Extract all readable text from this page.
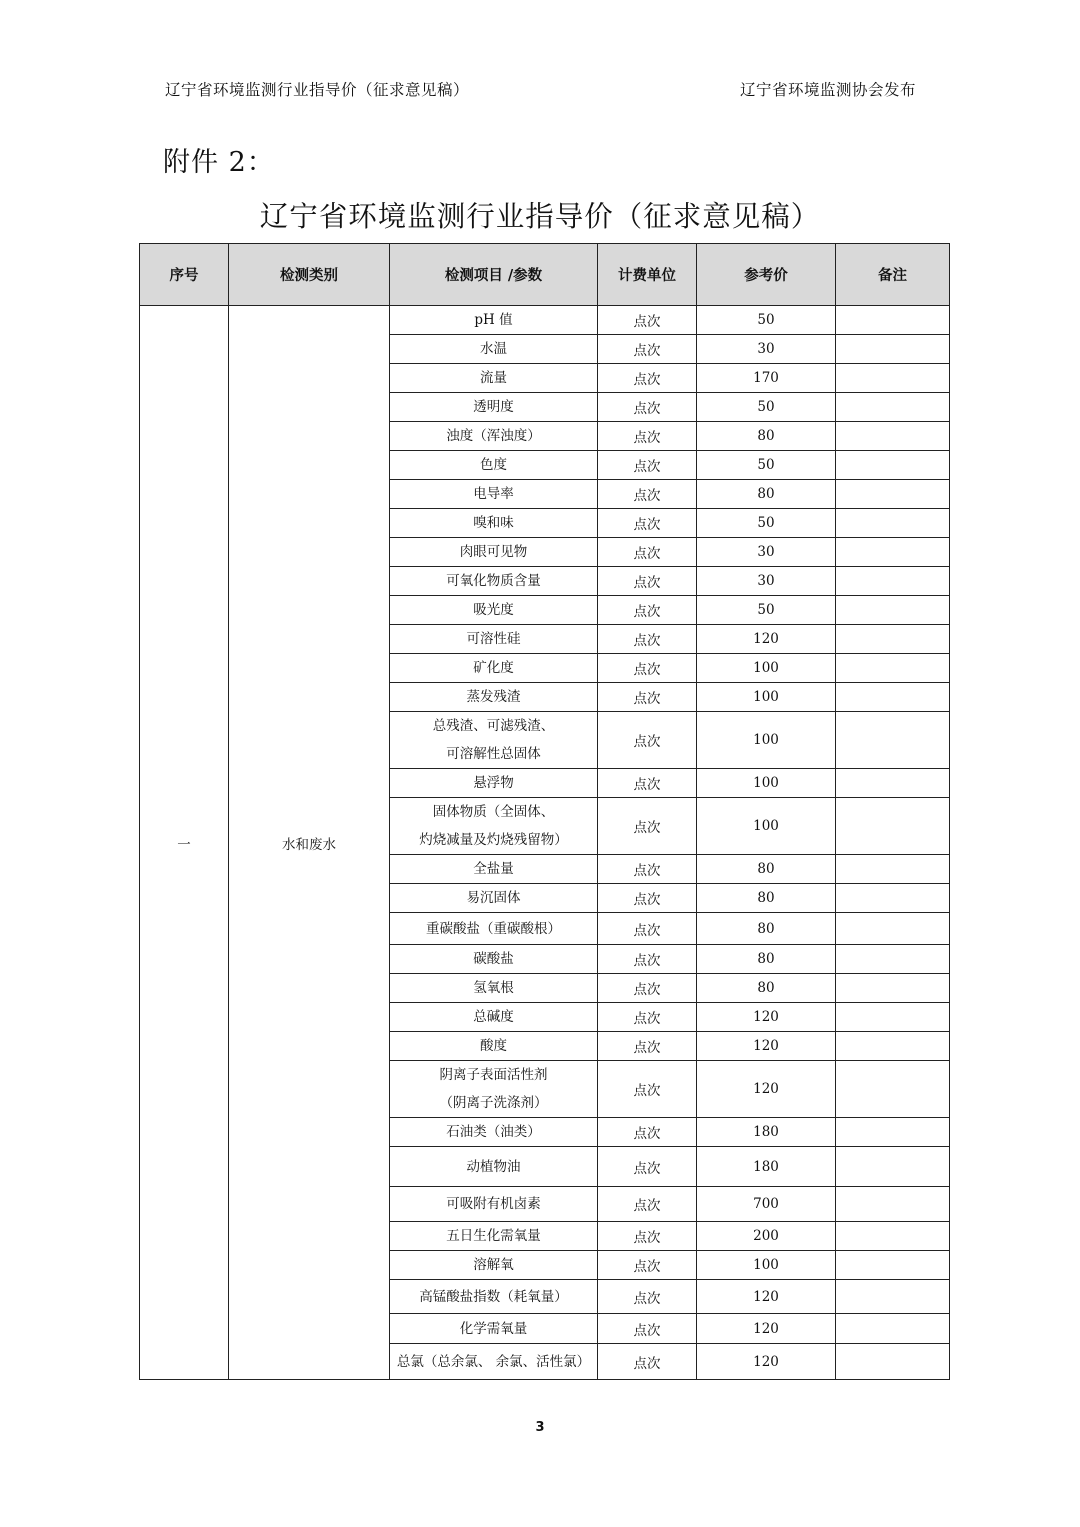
辽宁省环境监测行业指导价（征求意见稿）	辽宁省环境监测协会发布
附件 2：
辽宁省环境监测行业指导价（征求意见稿）
序号	检测类别	检测项目 /参数	计费单位	参考价	备注
一	水和废水	pH 值	点次	50	
		水温	点次	30	
		流量	点次	170	
		透明度	点次	50	
		浊度（浑浊度）	点次	80	
		色度	点次	50	
		电导率	点次	80	
		嗅和味	点次	50	
		肉眼可见物	点次	30	
		可氧化物质含量	点次	30	
		吸光度	点次	50	
		可溶性硅	点次	120	
		矿化度	点次	100	
		蒸发残渣	点次	100	
		总残渣、可滤残渣、
可溶解性总固体	点次	100	
		悬浮物	点次	100	
		固体物质（全固体、
灼烧减量及灼烧残留物）	点次	100	
		全盐量	点次	80	
		易沉固体	点次	80	
		重碳酸盐（重碳酸根）	点次	80	
		碳酸盐	点次	80	
		氢氧根	点次	80	
		总碱度	点次	120	
		酸度	点次	120	
		阴离子表面活性剂
（阴离子洗涤剂）	点次	120	
		石油类（油类）	点次	180	
		动植物油	点次	180	
		可吸附有机卤素	点次	700	
		五日生化需氧量	点次	200	
		溶解氧	点次	100	
		高锰酸盐指数（耗氧量）	点次	120	
		化学需氧量	点次	120	
		总氯（总余氯、 余氯、活性氯）	点次	120	
3
